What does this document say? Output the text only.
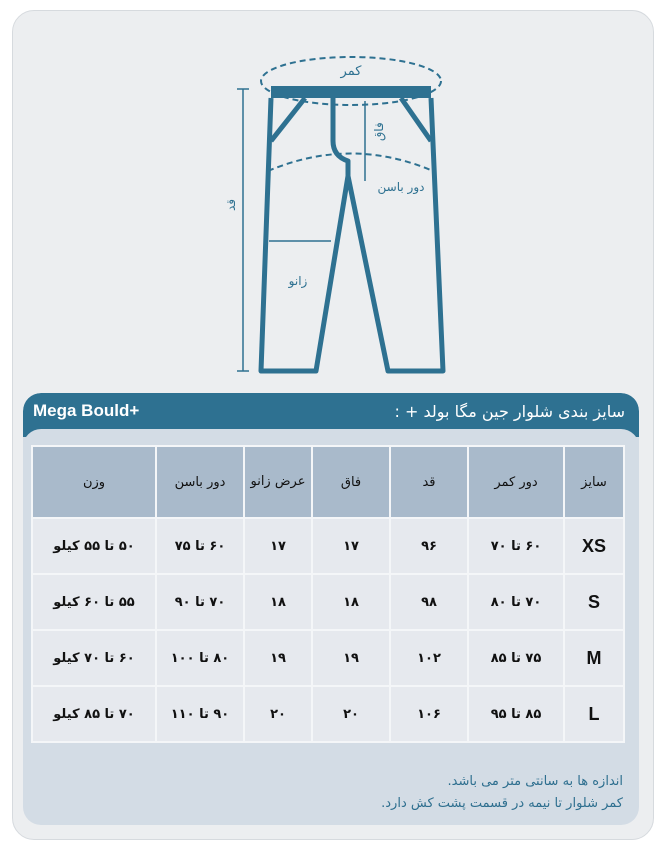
کمر
فاق
دور باسن
زانو
قد
Mega Bould+	سایز بندی شلوار جین مگا بولد + :
سایز	دور کمر	قد	فاق	عرض زانو	دور باسن	وزن
XS	۶۰ تا ۷۰	۹۶	۱۷	۱۷	۶۰ تا ۷۵	۵۰ تا ۵۵ کیلو
S	۷۰ تا ۸۰	۹۸	۱۸	۱۸	۷۰ تا ۹۰	۵۵ تا ۶۰ کیلو
M	۷۵ تا ۸۵	۱۰۲	۱۹	۱۹	۸۰ تا ۱۰۰	۶۰ تا ۷۰ کیلو
L	۸۵ تا ۹۵	۱۰۶	۲۰	۲۰	۹۰ تا ۱۱۰	۷۰ تا ۸۵ کیلو
اندازه ها به سانتی متر می باشد.
کمر شلوار تا نیمه در قسمت پشت کش دارد.
